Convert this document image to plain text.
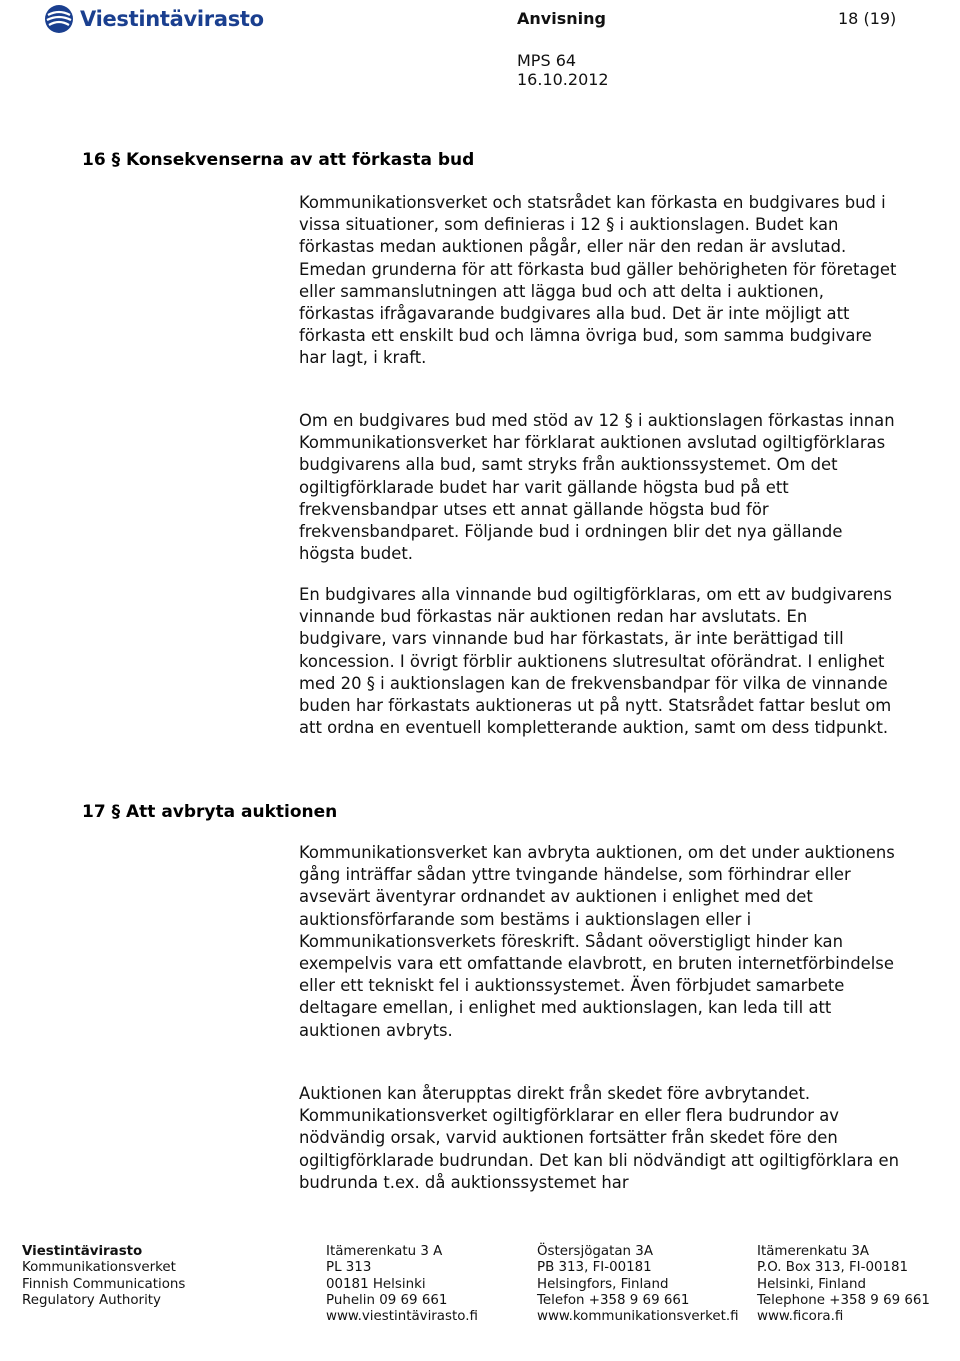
Viestintävirasto	Anvisning	18 (19)
MPS 64
16.10.2012
16 § Konsekvenserna av att förkasta bud

Kommunikationsverket och statsrådet kan förkasta en budgivares bud i vissa situationer, som definieras i 12 § i auktionslagen. Budet kan förkastas medan auktionen pågår, eller när den redan är avslutad. Emedan grunderna för att förkasta bud gäller behörigheten för företaget eller sammanslutningen att lägga bud och att delta i auktionen, förkastas ifrågavarande budgivares alla bud. Det är inte möjligt att förkasta ett enskilt bud och lämna övriga bud, som samma budgivare har lagt, i kraft.

Om en budgivares bud med stöd av 12 § i auktionslagen förkastas innan Kommunikationsverket har förklarat auktionen avslutad ogiltigförklaras budgivarens alla bud, samt stryks från auktionssystemet. Om det ogiltigförklarade budet har varit gällande högsta bud på ett frekvensbandpar utses ett annat gällande högsta bud för frekvensbandparet. Följande bud i ordningen blir det nya gällande högsta budet.

En budgivares alla vinnande bud ogiltigförklaras, om ett av budgivarens vinnande bud förkastas när auktionen redan har avslutats. En budgivare, vars vinnande bud har förkastats, är inte berättigad till koncession. I övrigt förblir auktionens slutresultat oförändrat. I enlighet med 20 § i auktionslagen kan de frekvensbandpar för vilka de vinnande buden har förkastats auktioneras ut på nytt. Statsrådet fattar beslut om att ordna en eventuell kompletterande auktion, samt om dess tidpunkt.

17 § Att avbryta auktionen

Kommunikationsverket kan avbryta auktionen, om det under auktionens gång inträffar sådan yttre tvingande händelse, som förhindrar eller avsevärt äventyrar ordnandet av auktionen i enlighet med det auktionsförfarande som bestäms i auktionslagen eller i Kommunikationsverkets föreskrift. Sådant oöverstigligt hinder kan exempelvis vara ett omfattande elavbrott, en bruten internetförbindelse eller ett tekniskt fel i auktionssystemet. Även förbjudet samarbete deltagare emellan, i enlighet med auktionslagen, kan leda till att auktionen avbryts.

Auktionen kan återupptas direkt från skedet före avbrytandet. Kommunikationsverket ogiltigförklarar en eller flera budrundor av nödvändig orsak, varvid auktionen fortsätter från skedet före den ogiltigförklarade budrundan. Det kan bli nödvändigt att ogiltigförklara en budrunda t.ex. då auktionssystemet har

Viestintävirasto
Kommunikationsverket
Finnish Communications
Regulatory Authority
Itämerenkatu 3 A
PL 313
00181 Helsinki
Puhelin 09 69 661
www.viestintävirasto.fi
Östersjögatan 3A
PB 313, FI-00181
Helsingfors, Finland
Telefon +358 9 69 661
www.kommunikationsverket.fi
Itämerenkatu 3A
P.O. Box 313, FI-00181
Helsinki, Finland
Telephone +358 9 69 661
www.ficora.fi
